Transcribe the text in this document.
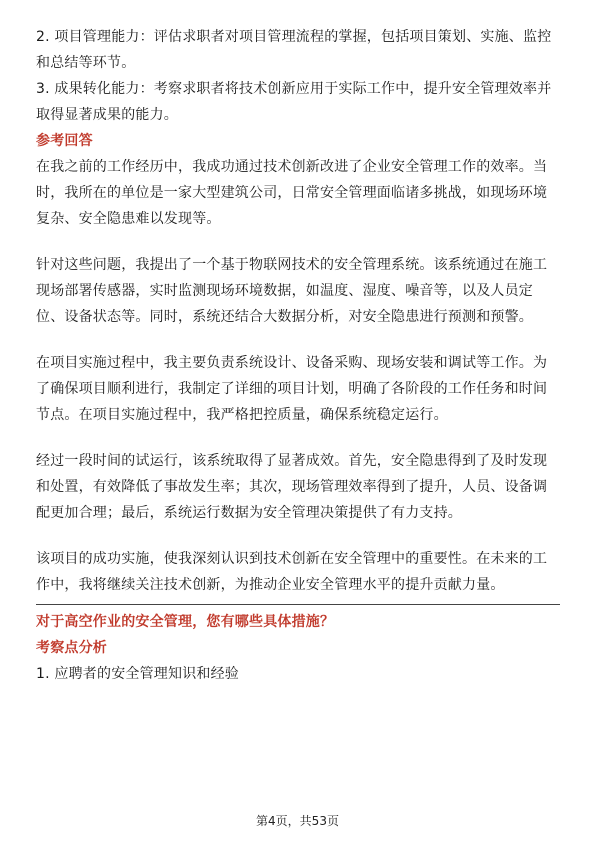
2. 项目管理能力：评估求职者对项目管理流程的掌握，包括项目策划、实施、监控
和总结等环节。
3. 成果转化能力：考察求职者将技术创新应用于实际工作中，提升安全管理效率并
取得显著成果的能力。
参考回答
在我之前的工作经历中，我成功通过技术创新改进了企业安全管理工作的效率。当
时，我所在的单位是一家大型建筑公司，日常安全管理面临诸多挑战，如现场环境
复杂、安全隐患难以发现等。
针对这些问题，我提出了一个基于物联网技术的安全管理系统。该系统通过在施工
现场部署传感器，实时监测现场环境数据，如温度、湿度、噪音等，以及人员定
位、设备状态等。同时，系统还结合大数据分析，对安全隐患进行预测和预警。
在项目实施过程中，我主要负责系统设计、设备采购、现场安装和调试等工作。为
了确保项目顺利进行，我制定了详细的项目计划，明确了各阶段的工作任务和时间
节点。在项目实施过程中，我严格把控质量，确保系统稳定运行。
经过一段时间的试运行，该系统取得了显著成效。首先，安全隐患得到了及时发现
和处置，有效降低了事故发生率；其次，现场管理效率得到了提升，人员、设备调
配更加合理；最后，系统运行数据为安全管理决策提供了有力支持。
该项目的成功实施，使我深刻认识到技术创新在安全管理中的重要性。在未来的工
作中，我将继续关注技术创新，为推动企业安全管理水平的提升贡献力量。
对于高空作业的安全管理，您有哪些具体措施？
考察点分析
1. 应聘者的安全管理知识和经验
第4页，共53页
